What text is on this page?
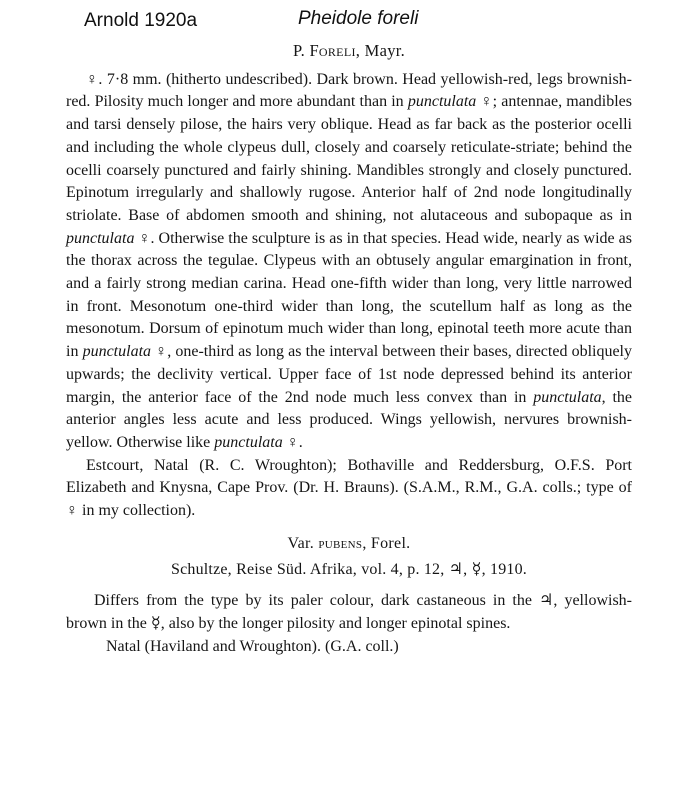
Arnold 1920a	Pheidole foreli

P. Foreli, Mayr.

♀. 7·8 mm. (hitherto undescribed). Dark brown. Head yellowish-red, legs brownish-red. Pilosity much longer and more abundant than in punctulata ♀; antennae, mandibles and tarsi densely pilose, the hairs very oblique. Head as far back as the posterior ocelli and including the whole clypeus dull, closely and coarsely reticulate-striate; behind the ocelli coarsely punctured and fairly shining. Mandibles strongly and closely punctured. Epinotum irregularly and shallowly rugose. Anterior half of 2nd node longitudinally striolate. Base of abdomen smooth and shining, not alutaceous and subopaque as in punctulata ♀. Otherwise the sculpture is as in that species. Head wide, nearly as wide as the thorax across the tegulae. Clypeus with an obtusely angular emargination in front, and a fairly strong median carina. Head one-fifth wider than long, very little narrowed in front. Mesonotum one-third wider than long, the scutellum half as long as the mesonotum. Dorsum of epinotum much wider than long, epinotal teeth more acute than in punctulata ♀, one-third as long as the interval between their bases, directed obliquely upwards; the declivity vertical. Upper face of 1st node depressed behind its anterior margin, the anterior face of the 2nd node much less convex than in punctulata, the anterior angles less acute and less produced. Wings yellowish, nervures brownish-yellow. Otherwise like punctulata ♀.

Estcourt, Natal (R. C. Wroughton); Bothaville and Reddersburg, O.F.S. Port Elizabeth and Knysna, Cape Prov. (Dr. H. Brauns). (S.A.M., R.M., G.A. colls.; type of ♀ in my collection).

Var. pubens, Forel.

Schultze, Reise Süd. Afrika, vol. 4, p. 12, ♃, ☿, 1910.

Differs from the type by its paler colour, dark castaneous in the ♃, yellowish-brown in the ☿, also by the longer pilosity and longer epinotal spines.

Natal (Haviland and Wroughton). (G.A. coll.)
